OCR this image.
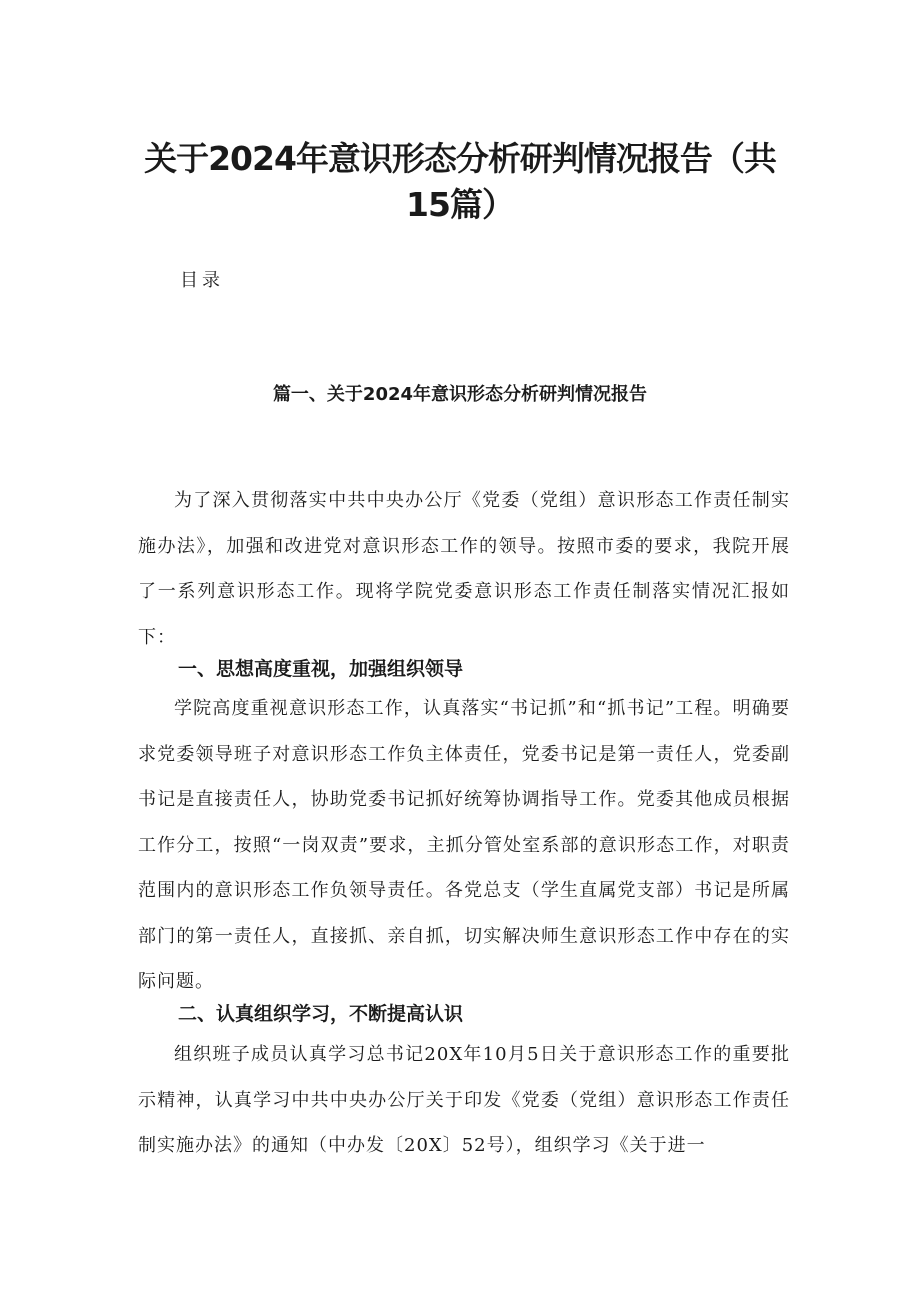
关于2024年意识形态分析研判情况报告（共15篇）
目录
篇一、关于2024年意识形态分析研判情况报告
为了深入贯彻落实中共中央办公厅《党委（党组）意识形态工作责任制实施办法》，加强和改进党对意识形态工作的领导。按照市委的要求，我院开展了一系列意识形态工作。现将学院党委意识形态工作责任制落实情况汇报如下：
一、思想高度重视，加强组织领导
学院高度重视意识形态工作，认真落实“书记抓”和“抓书记”工程。明确要求党委领导班子对意识形态工作负主体责任，党委书记是第一责任人，党委副书记是直接责任人，协助党委书记抓好统筹协调指导工作。党委其他成员根据工作分工，按照“一岗双责”要求，主抓分管处室系部的意识形态工作，对职责范围内的意识形态工作负领导责任。各党总支（学生直属党支部）书记是所属部门的第一责任人，直接抓、亲自抓，切实解决师生意识形态工作中存在的实际问题。
二、认真组织学习，不断提高认识
组织班子成员认真学习总书记20X年10月5日关于意识形态工作的重要批示精神，认真学习中共中央办公厅关于印发《党委（党组）意识形态工作责任制实施办法》的通知（中办发〔20X〕52号），组织学习《关于进一
